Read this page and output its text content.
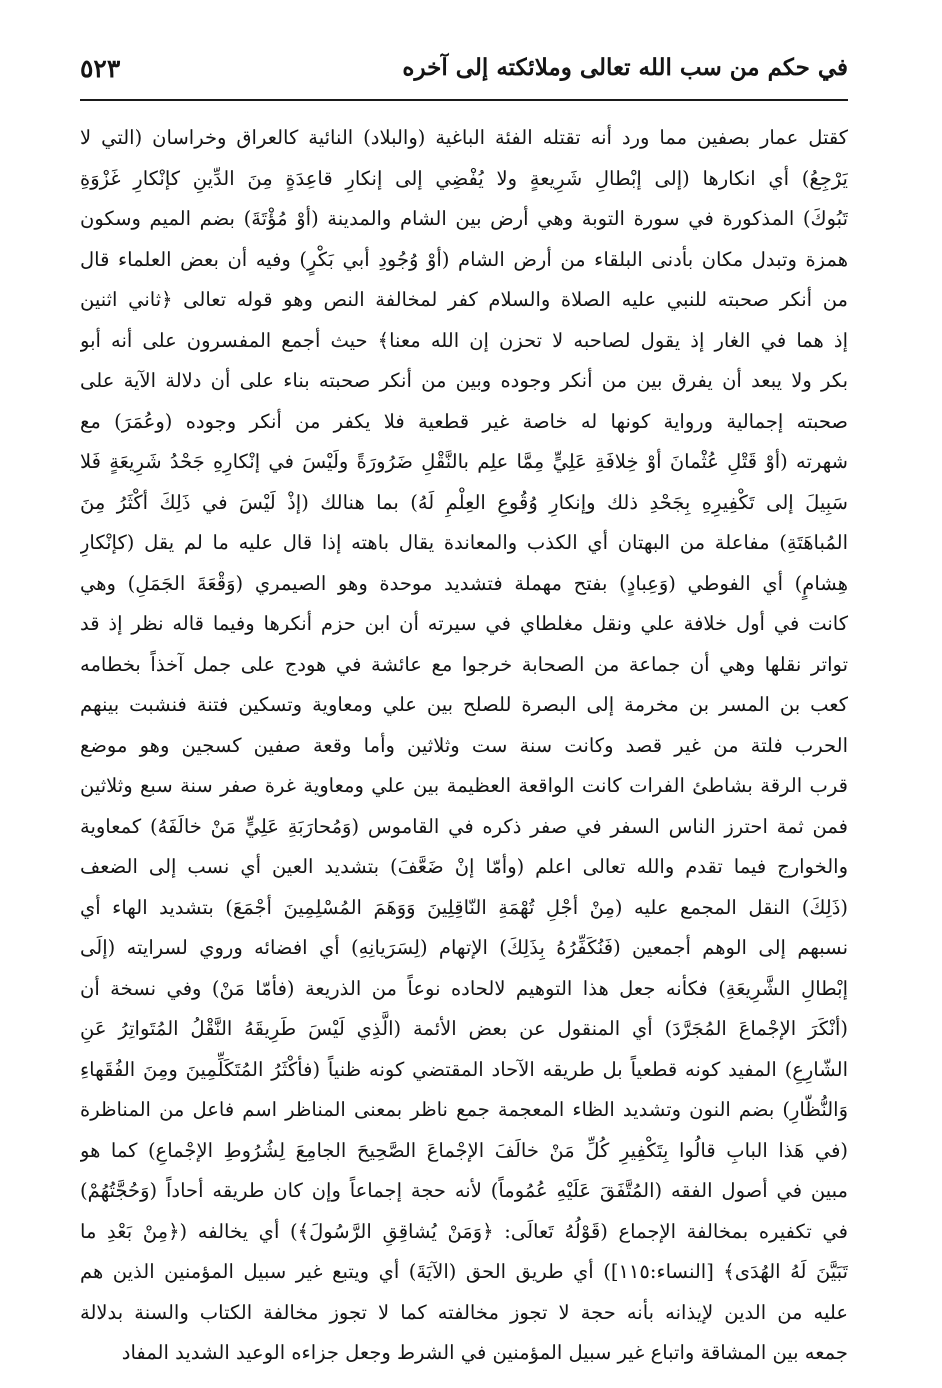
٥٢٣	في حكم من سب الله تعالى وملائكته إلى آخره
كقتل عمار بصفين مما ورد أنه تقتله الفئة الباغية (والبلاد) النائية كالعراق وخراسان (التي لا
يَرْجِعُ) أي انكارها (إلى إبْطالِ شَرِيعةٍ ولا يُفْضِي إلى إنكارِ قاعِدَةٍ مِنَ الدِّينِ كإنْكارِ غَزْوَةِ
تَبُوكَ) المذكورة في سورة التوبة وهي أرض بين الشام والمدينة (أوْ مُؤْتَةَ) بضم الميم وسكون
همزة وتبدل مكان بأدنى البلقاء من أرض الشام (أوْ وُجُودِ أبي بَكْرٍ) وفيه أن بعض العلماء قال
من أنكر صحبته للنبي عليه الصلاة والسلام كفر لمخالفة النص وهو قوله تعالى ﴿ثاني اثنين
إذ هما في الغار إذ يقول لصاحبه لا تحزن إن الله معنا﴾ حيث أجمع المفسرون على أنه أبو
بكر ولا يبعد أن يفرق بين من أنكر وجوده وبين من أنكر صحبته بناء على أن دلالة الآية على
صحبته إجمالية ورواية كونها له خاصة غير قطعية فلا يكفر من أنكر وجوده (وعُمَرَ) مع
شهرته (أوْ قَتْلِ عُثْمانَ أوْ خِلافَةِ عَلِيٍّ مِمَّا علِم بالنَّقْلِ ضَرُورَةً ولَيْسَ في إنْكارِهِ جَحْدُ شَرِيعَةٍ فَلا
سَبِيلَ إلى تَكْفِيرِهِ بِجَحْدِ ذلك وإنكارِ وُقُوعِ العِلْمِ لَهُ) بما هنالك (إذْ لَيْسَ في ذَلِكَ أكْثَرُ مِنَ
المُباهَتَةِ) مفاعلة من البهتان أي الكذب والمعاندة يقال باهته إذا قال عليه ما لم يقل (كإنْكارِ
هِشامٍ) أي الفوطي (وَعِبادٍ) بفتح مهملة فتشديد موحدة وهو الصيمري (وَقْعَةَ الجَمَلِ) وهي
كانت في أول خلافة علي ونقل مغلطاي في سيرته أن ابن حزم أنكرها وفيما قاله نظر إذ قد
تواتر نقلها وهي أن جماعة من الصحابة خرجوا مع عائشة في هودج على جمل آخذاً بخطامه
كعب بن المسر بن مخرمة إلى البصرة للصلح بين علي ومعاوية وتسكين فتنة فنشبت بينهم
الحرب فلتة من غير قصد وكانت سنة ست وثلاثين وأما وقعة صفين كسجين وهو موضع
قرب الرقة بشاطئ الفرات كانت الواقعة العظيمة بين علي ومعاوية غرة صفر سنة سبع وثلاثين
فمن ثمة احترز الناس السفر في صفر ذكره في القاموس (وَمُحارَبَةِ عَلِيٍّ مَنْ خالَفَهُ) كمعاوية
والخوارج فيما تقدم والله تعالى اعلم (وأمّا إنْ ضَعَّفَ) بتشديد العين أي نسب إلى الضعف
(ذَلِكَ) النقل المجمع عليه (مِنْ أجْلِ تُهْمَةِ النّاقِلِينَ وَوَهَمَ المُسْلِمِينَ أجْمَعَ) بتشديد الهاء أي
نسبهم إلى الوهم أجمعين (فَنُكَفِّرُهُ بِذَلِكَ) الإتهام (لِسَرَيانِهِ) أي افضائه وروي لسرايته (إلَى
إبْطالِ الشَّرِيعَةِ) فكأنه جعل هذا التوهيم لالحاده نوعاً من الذريعة (فأمّا مَنْ) وفي نسخة أن
(أنْكَرَ الإجْماعَ المُجَرَّدَ) أي المنقول عن بعض الأئمة (الَّذِي لَيْسَ طَرِيقَهُ النَّقْلُ المُتَواتِرُ عَنِ
الشّارِعِ) المفيد كونه قطعياً بل طريقه الآحاد المقتضي كونه ظنياً (فأكْثَرُ المُتَكَلِّمِينَ ومِنَ الفُقَهاءِ
وَالنُّظّارِ) بضم النون وتشديد الظاء المعجمة جمع ناظر بمعنى المناظر اسم فاعل من المناظرة
(في هَذا البابِ قالُوا بِتَكْفِيرِ كُلِّ مَنْ خالَفَ الإجْماعَ الصَّحِيحَ الجامِعَ لِشُرُوطِ الإجْماعِ) كما هو
مبين في أصول الفقه (المُتَّفَقَ عَلَيْهِ عُمُوماً) لأنه حجة إجماعاً وإن كان طريقه أحاداً (وَحُجَّتُهُمْ)
في تكفيره بمخالفة الإجماع (قَوْلُهُ تَعالَى: ﴿وَمَنْ يُشاقِقِ الرَّسُولَ﴾) أي يخالفه (﴿مِنْ بَعْدِ ما
تَبَيَّنَ لَهُ الهُدَى﴾ [النساء:١١٥]) أي طريق الحق (الآيَةَ) أي ويتبع غير سبيل المؤمنين الذين هم
عليه من الدين لإيذانه بأنه حجة لا تجوز مخالفته كما لا تجوز مخالفة الكتاب والسنة بدلالة
جمعه بين المشاقة واتباع غير سبيل المؤمنين في الشرط وجعل جزاءه الوعيد الشديد المفاد
